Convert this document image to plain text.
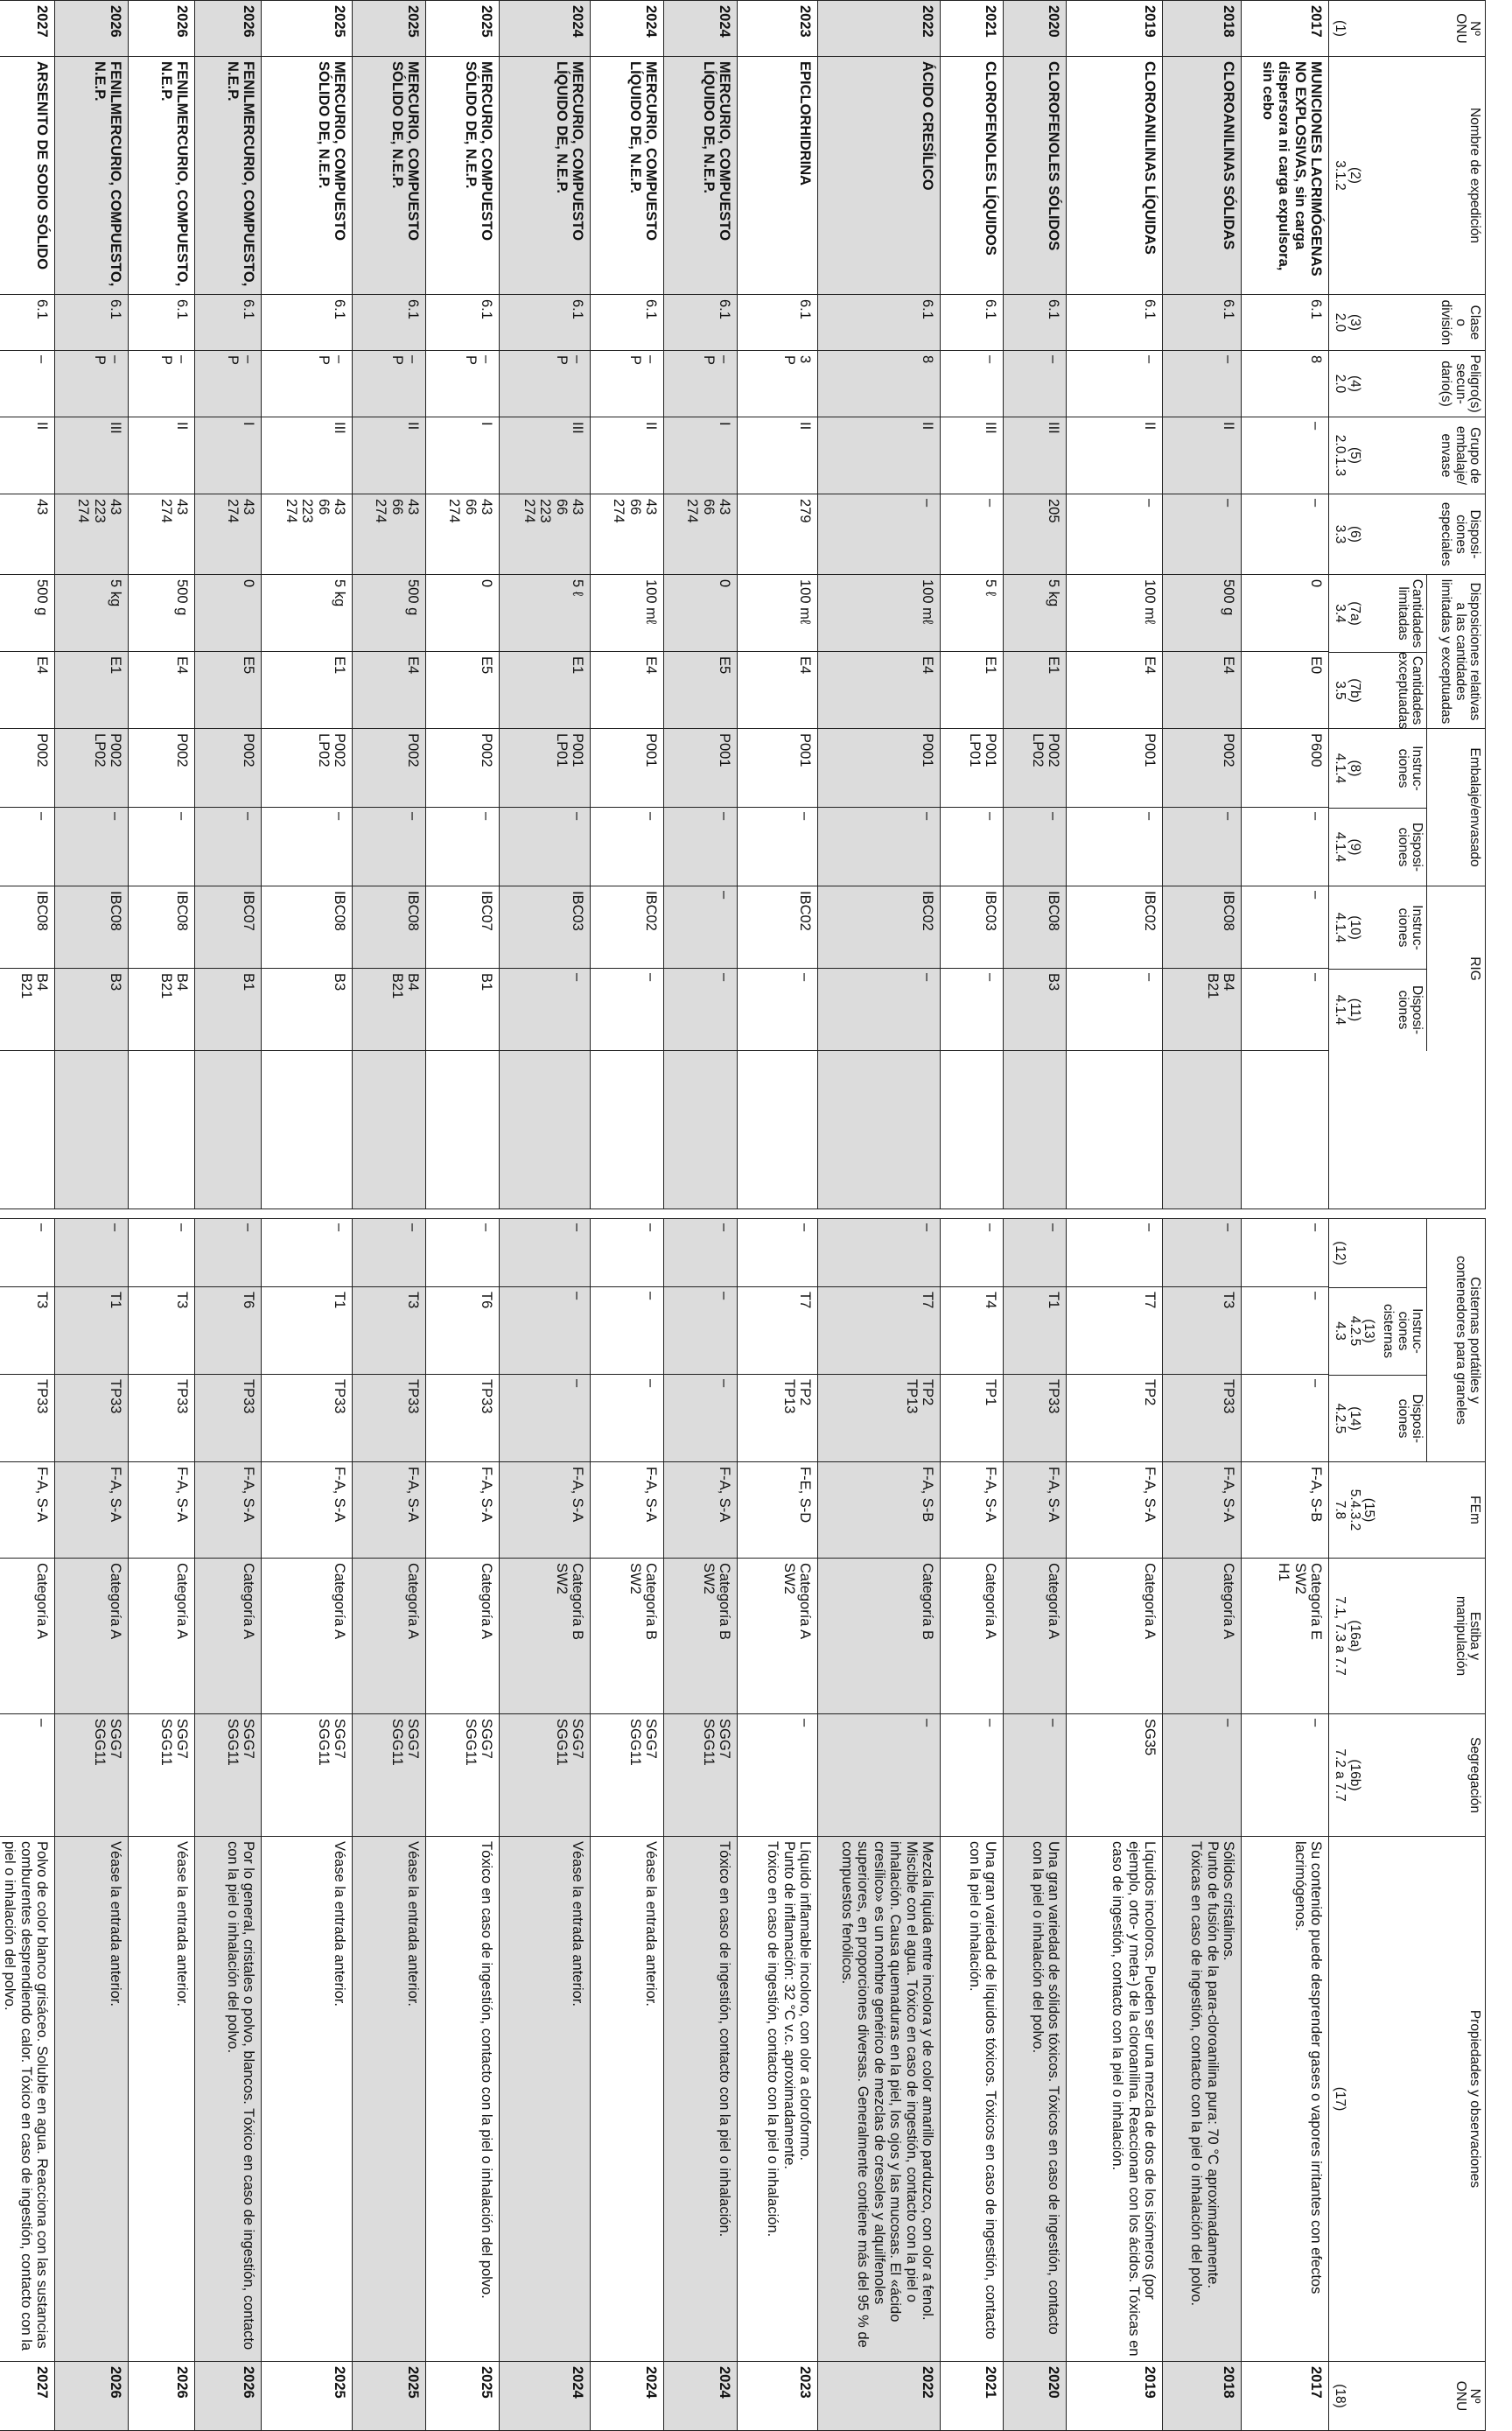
Nº
ONU
(1)
Nombre de expedición
(2)
3.1.2
Clase
o
división
(3)
2.0
Peligro(s)
secun-
dario(s)
(4)
2.0
Grupo de
embalaje/
envase
(5)
2.0.1.3
Disposi-
ciones
especiales
(6)
3.3
Disposiciones relativas
a las cantidades
limitadas y exceptuadas
Cantidades
limitadas
Cantidades
exceptuadas
(7a)
3.4
(7b)
3.5
Embalaje/envasado
Instruc-
ciones
Disposi-
ciones
(8)
4.1.4
(9)
4.1.4
RIG
Instruc-
ciones
Disposi-
ciones
(10)
4.1.4
(11)
4.1.4
2017
MUNICIONES LACRIMÓGENAS NO EXPLOSIVAS, sin carga dispersora ni carga expulsora, sin cebo
6.1
8
–
–
0
E0
P600
–
–
–
2018
CLOROANILINAS SÓLIDAS
6.1
–
II
–
500 g
E4
P002
–
IBC08
B4
B21
2019
CLOROANILINAS LÍQUIDAS
6.1
–
II
–
100 mℓ
E4
P001
–
IBC02
–
2020
CLOROFENOLES SÓLIDOS
6.1
–
III
205
5 kg
E1
P002
LP02
–
IBC08
B3
2021
CLOROFENOLES LÍQUIDOS
6.1
–
III
–
5 ℓ
E1
P001
LP01
–
IBC03
–
2022
ÁCIDO CRESÍLICO
6.1
8
II
–
100 mℓ
E4
P001
–
IBC02
–
2023
EPICLORHIDRINA
6.1
3
P
II
279
100 mℓ
E4
P001
–
IBC02
–
2024
MERCURIO, COMPUESTO LÍQUIDO DE, N.E.P.
6.1
–
P
I
43
66
274
0
E5
P001
–
–
–
2024
MERCURIO, COMPUESTO LÍQUIDO DE, N.E.P.
6.1
–
P
II
43
66
274
100 mℓ
E4
P001
–
IBC02
–
2024
MERCURIO, COMPUESTO LÍQUIDO DE, N.E.P.
6.1
–
P
III
43
66
223
274
5 ℓ
E1
P001
LP01
–
IBC03
–
2025
MERCURIO, COMPUESTO SÓLIDO DE, N.E.P.
6.1
–
P
I
43
66
274
0
E5
P002
–
IBC07
B1
2025
MERCURIO, COMPUESTO SÓLIDO DE, N.E.P.
6.1
–
P
II
43
66
274
500 g
E4
P002
–
IBC08
B4
B21
2025
MERCURIO, COMPUESTO SÓLIDO DE, N.E.P.
6.1
–
P
III
43
66
223
274
5 kg
E1
P002
LP02
–
IBC08
B3
2026
FENILMERCURIO, COMPUESTO, N.E.P.
6.1
–
P
I
43
274
0
E5
P002
–
IBC07
B1
2026
FENILMERCURIO, COMPUESTO, N.E.P.
6.1
–
P
II
43
274
500 g
E4
P002
–
IBC08
B4
B21
2026
FENILMERCURIO, COMPUESTO, N.E.P.
6.1
–
P
III
43
223
274
5 kg
E1
P002
LP02
–
IBC08
B3
2027
ARSENITO DE SODIO SÓLIDO
6.1
–
II
43
500 g
E4
P002
–
IBC08
B4
B21
Cisternas portátiles y
contenedores para graneles
Instruc-
ciones
cisternas
Disposi-
ciones
(12)
(13)
4.2.5
4.3
(14)
4.2.5
FEm
(15)
5.4.3.2
7.8
Estiba y
manipulación
(16a)
7.1, 7.3 a 7.7
Segregación
(16b)
7.2 a 7.7
Propiedades y observaciones
(17)
Nº
ONU
(18)
–
–
–
F-A, S-B
Categoría E
SW2
H1
–
Su contenido puede desprender gases o vapores irritantes con efectos lacrimógenos.
2017
–
T3
TP33
F-A, S-A
Categoría A
–
Sólidos cristalinos.
Punto de fusión de la para-cloroanilina pura: 70 °C aproximadamente.
Tóxicas en caso de ingestión, contacto con la piel o inhalación del polvo.
2018
–
T7
TP2
F-A, S-A
Categoría A
SG35
Líquidos incoloros. Pueden ser una mezcla de dos de los isómeros (por ejemplo, orto- y meta-) de la cloroanilina. Reaccionan con los ácidos. Tóxicas en caso de ingestión, contacto con la piel o inhalación.
2019
–
T1
TP33
F-A, S-A
Categoría A
–
Una gran variedad de sólidos tóxicos. Tóxicos en caso de ingestión, contacto con la piel o inhalación del polvo.
2020
–
T4
TP1
F-A, S-A
Categoría A
–
Una gran variedad de líquidos tóxicos. Tóxicos en caso de ingestión, contacto con la piel o inhalación.
2021
–
T7
TP2
TP13
F-A, S-B
Categoría B
–
Mezcla líquida entre incolora y de color amarillo parduzco, con olor a fenol. Miscible con el agua. Tóxico en caso de ingestión, contacto con la piel o inhalación. Causa quemaduras en la piel, los ojos y las mucosas. El «ácido cresílico» es un nombre genérico de mezclas de cresoles y alquilfenoles superiores, en proporciones diversas. Generalmente contiene más del 95 % de compuestos fenólicos.
2022
–
T7
TP2
TP13
F-E, S-D
Categoría A
SW2
–
Líquido inflamable incoloro, con olor a cloroformo.
Punto de inflamación: 32 °C v.c. aproximadamente.
Tóxico en caso de ingestión, contacto con la piel o inhalación.
2023
–
–
–
F-A, S-A
Categoría B
SW2
SGG7
SGG11
Tóxico en caso de ingestión, contacto con la piel o inhalación.
2024
–
–
–
F-A, S-A
Categoría B
SW2
SGG7
SGG11
Véase la entrada anterior.
2024
–
–
–
F-A, S-A
Categoría B
SW2
SGG7
SGG11
Véase la entrada anterior.
2024
–
T6
TP33
F-A, S-A
Categoría A
SGG7
SGG11
Tóxico en caso de ingestión, contacto con la piel o inhalación del polvo.
2025
–
T3
TP33
F-A, S-A
Categoría A
SGG7
SGG11
Véase la entrada anterior.
2025
–
T1
TP33
F-A, S-A
Categoría A
SGG7
SGG11
Véase la entrada anterior.
2025
–
T6
TP33
F-A, S-A
Categoría A
SGG7
SGG11
Por lo general, cristales o polvo, blancos. Tóxico en caso de ingestión, contacto con la piel o inhalación del polvo.
2026
–
T3
TP33
F-A, S-A
Categoría A
SGG7
SGG11
Véase la entrada anterior.
2026
–
T1
TP33
F-A, S-A
Categoría A
SGG7
SGG11
Véase la entrada anterior.
2026
–
T3
TP33
F-A, S-A
Categoría A
–
Polvo de color blanco grisáceo. Soluble en agua. Reacciona con las sustancias comburentes desprendiendo calor. Tóxico en caso de ingestión, contacto con la piel o inhalación del polvo.
2027
